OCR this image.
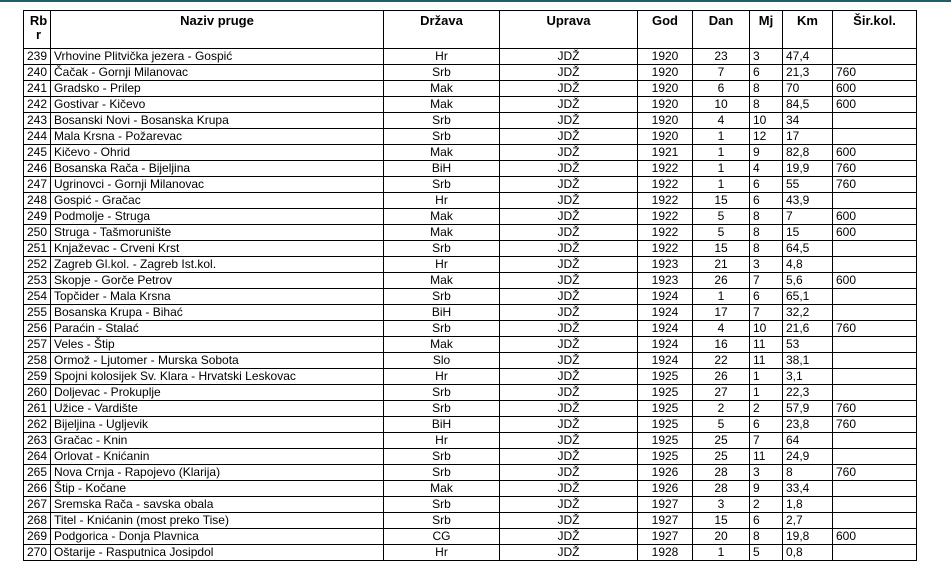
Rb r	Naziv pruge	Država	Uprava	God	Dan	Mj	Km	Šir.kol.
239	Vrhovine Plitvička jezera - Gospić	Hr	JDŽ	1920	23	3	47,4	
240	Čačak - Gornji Milanovac	Srb	JDŽ	1920	7	6	21,3	760
241	Gradsko - Prilep	Mak	JDŽ	1920	6	8	70	600
242	Gostivar - Kičevo	Mak	JDŽ	1920	10	8	84,5	600
243	Bosanski Novi - Bosanska Krupa	Srb	JDŽ	1920	4	10	34	
244	Mala Krsna - Požarevac	Srb	JDŽ	1920	1	12	17	
245	Kičevo - Ohrid	Mak	JDŽ	1921	1	9	82,8	600
246	Bosanska Rača - Bijeljina	BiH	JDŽ	1922	1	4	19,9	760
247	Ugrinovci - Gornji Milanovac	Srb	JDŽ	1922	1	6	55	760
248	Gospić - Gračac	Hr	JDŽ	1922	15	6	43,9	
249	Podmolje - Struga	Mak	JDŽ	1922	5	8	7	600
250	Struga - Tašmorunište	Mak	JDŽ	1922	5	8	15	600
251	Knjaževac - Crveni Krst	Srb	JDŽ	1922	15	8	64,5	
252	Zagreb Gl.kol. - Zagreb Ist.kol.	Hr	JDŽ	1923	21	3	4,8	
253	Skopje - Gorče Petrov	Mak	JDŽ	1923	26	7	5,6	600
254	Topčider - Mala Krsna	Srb	JDŽ	1924	1	6	65,1	
255	Bosanska Krupa - Bihać	BiH	JDŽ	1924	17	7	32,2	
256	Paraćin - Stalać	Srb	JDŽ	1924	4	10	21,6	760
257	Veles - Štip	Mak	JDŽ	1924	16	11	53	
258	Ormož - Ljutomer - Murska Sobota	Slo	JDŽ	1924	22	11	38,1	
259	Spojni kolosijek Sv. Klara - Hrvatski Leskovac	Hr	JDŽ	1925	26	1	3,1	
260	Doljevac - Prokuplje	Srb	JDŽ	1925	27	1	22,3	
261	Užice - Vardište	Srb	JDŽ	1925	2	2	57,9	760
262	Bijeljina - Ugljevik	BiH	JDŽ	1925	5	6	23,8	760
263	Gračac - Knin	Hr	JDŽ	1925	25	7	64	
264	Orlovat - Knićanin	Srb	JDŽ	1925	25	11	24,9	
265	Nova Crnja - Rapojevo (Klarija)	Srb	JDŽ	1926	28	3	8	760
266	Štip - Kočane	Mak	JDŽ	1926	28	9	33,4	
267	Sremska Rača - savska obala	Srb	JDŽ	1927	3	2	1,8	
268	Titel - Knićanin (most preko Tise)	Srb	JDŽ	1927	15	6	2,7	
269	Podgorica - Donja Plavnica	CG	JDŽ	1927	20	8	19,8	600
270	Oštarije - Rasputnica Josipdol	Hr	JDŽ	1928	1	5	0,8	
